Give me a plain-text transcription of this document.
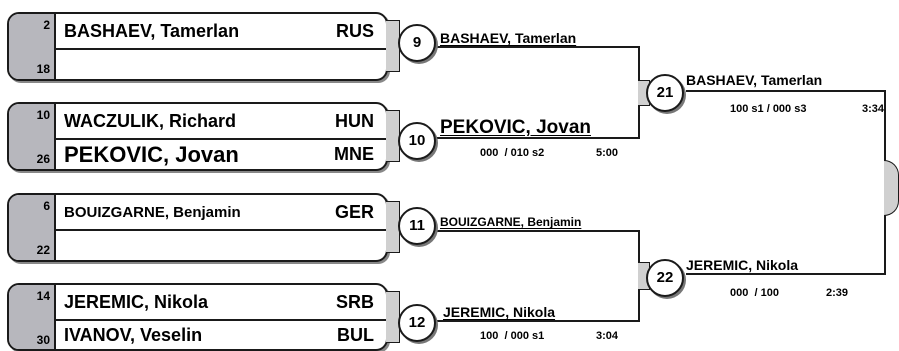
2 BASHAEV, Tamerlan	RUS
18
10 WACZULIK, Richard	HUN
26 PEKOVIC, Jovan	MNE
6 BOUIZGARNE, Benjamin	GER
22
14 JEREMIC, Nikola	SRB
30 IVANOV, Veselin	BUL
9
10
11
12
BASHAEV, Tamerlan
PEKOVIC, Jovan
000  / 010 s2	5:00
BOUIZGARNE, Benjamin
JEREMIC, Nikola
100  / 000 s1	3:04
21
22
BASHAEV, Tamerlan
100 s1 / 000 s3	3:34
JEREMIC, Nikola
000  / 100	2:39
